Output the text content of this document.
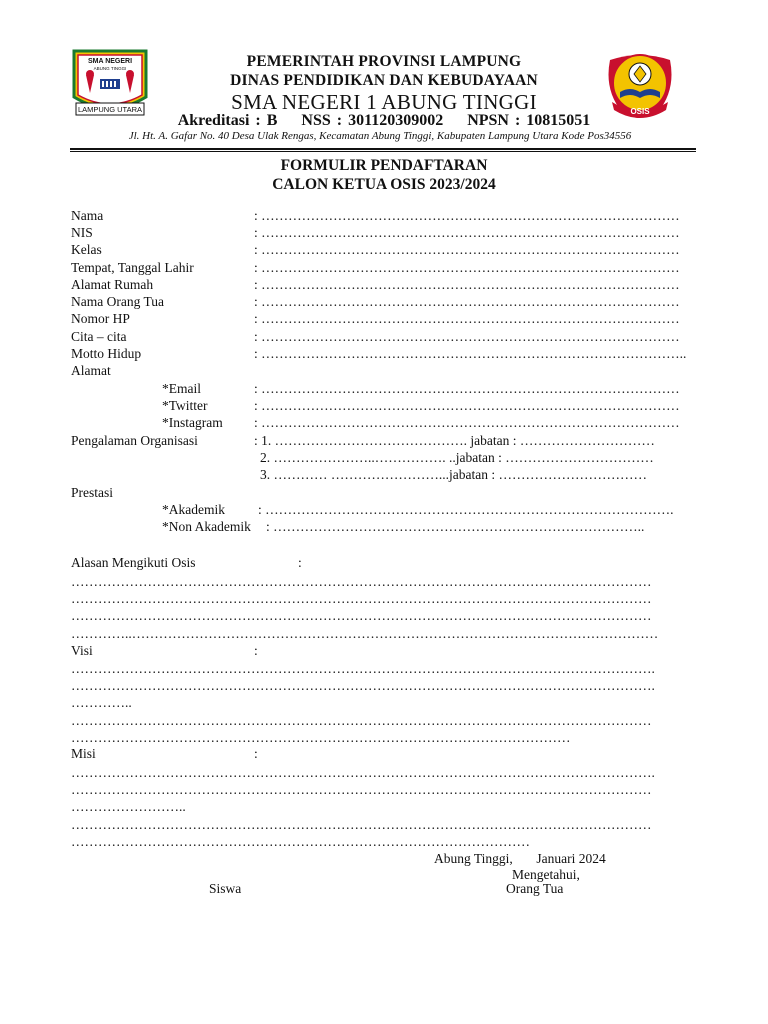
SMA NEGERI
ABUNG TINGGI
LAMPUNG UTARA	OSIS
PEMERINTAH PROVINSI LAMPUNG
DINAS PENDIDIKAN DAN KEBUDAYAAN
SMA NEGERI 1 ABUNG TINGGI
Akreditasi : B    NSS : 301120309002    NPSN : 10815051
Jl. Ht. A. Gafar No. 40 Desa Ulak Rengas, Kecamatan Abung Tinggi, Kabupaten Lampung Utara Kode Pos34556
FORMULIR PENDAFTARAN
CALON KETUA OSIS 2023/2024
Nama	: …………………………………………………………………………………
NIS	: …………………………………………………………………………………
Kelas	: …………………………………………………………………………………
Tempat, Tanggal Lahir	: …………………………………………………………………………………
Alamat Rumah	: …………………………………………………………………………………
Nama Orang Tua	: …………………………………………………………………………………
Nomor HP	: …………………………………………………………………………………
Cita – cita	: …………………………………………………………………………………
Motto Hidup	: …………………………………………………………………………………..
Alamat
*Email	: …………………………………………………………………………………
*Twitter	: …………………………………………………………………………………
*Instagram : …………………………………………………………………………………
Pengalaman Organisasi	: 1. ……………………………………. jabatan : …………………………
2. …………………..……………. ..jabatan : ……………………………
3. ………… ……………………...jabatan : ……………………………
Prestasi
*Akademik : ……………………………………………………………………………….
*Non Akademik : ………………………………………………………………………..
Alasan Mengikuti Osis	:
…………………………………………………………………………………………………………………
…………………………………………………………………………………………………………………
…………………………………………………………………………………………………………………
…………..………………………………………………………………………………………………………
Visi	:
………………………………………………………………………………………………………………….
………………………………………………………………………………………………………………….
…………..
…………………………………………………………………………………………………………………
…………………………………………………………………………………………………
Misi	:
………………………………………………………………………………………………………………….
…………………………………………………………………………………………………………………
……………………..
…………………………………………………………………………………………………………………
…………………………………………………………………………………………
Abung Tinggi,       Januari 2024
Mengetahui,
Siswa	Orang Tua
